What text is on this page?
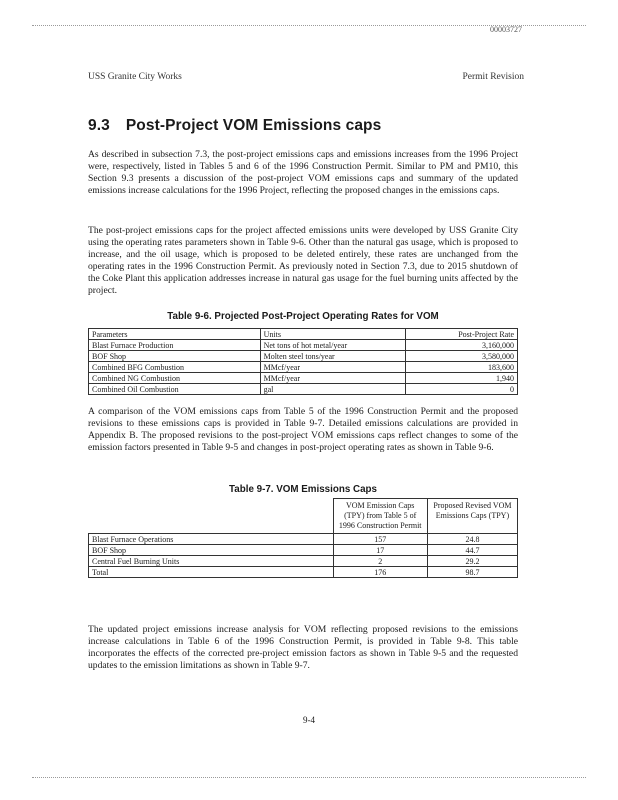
00003727
USS Granite City Works	Permit Revision
9.3 Post-Project VOM Emissions caps

As described in subsection 7.3, the post-project emissions caps and emissions increases from the 1996 Project were, respectively, listed in Tables 5 and 6 of the 1996 Construction Permit. Similar to PM and PM10, this Section 9.3 presents a discussion of the post-project VOM emissions caps and summary of the updated emissions increase calculations for the 1996 Project, reflecting the proposed changes in the emissions caps.

The post-project emissions caps for the project affected emissions units were developed by USS Granite City using the operating rates parameters shown in Table 9-6. Other than the natural gas usage, which is proposed to increase, and the oil usage, which is proposed to be deleted entirely, these rates are unchanged from the operating rates in the 1996 Construction Permit. As previously noted in Section 7.3, due to 2015 shutdown of the Coke Plant this application addresses increase in natural gas usage for the fuel burning units affected by the project.

Table 9-6. Projected Post-Project Operating Rates for VOM
Parameters	Units	Post-Project Rate
Blast Furnace Production	Net tons of hot metal/year	3,160,000
BOF Shop	Molten steel tons/year	3,580,000
Combined BFG Combustion	MMcf/year	183,600
Combined NG Combustion	MMcf/year	1,940
Combined Oil Combustion	gal	0

A comparison of the VOM emissions caps from Table 5 of the 1996 Construction Permit and the proposed revisions to these emissions caps is provided in Table 9-7. Detailed emissions calculations are provided in Appendix B. The proposed revisions to the post-project VOM emissions caps reflect changes to some of the emission factors presented in Table 9-5 and changes in post-project operating rates as shown in Table 9-6.

Table 9-7. VOM Emissions Caps
	VOM Emission Caps (TPY) from Table 5 of 1996 Construction Permit	Proposed Revised VOM Emissions Caps (TPY)
Blast Furnace Operations	157	24.8
BOF Shop	17	44.7
Central Fuel Burning Units	2	29.2
Total	176	98.7

The updated project emissions increase analysis for VOM reflecting proposed revisions to the emissions increase calculations in Table 6 of the 1996 Construction Permit, is provided in Table 9-8. This table incorporates the effects of the corrected pre-project emission factors as shown in Table 9-5 and the requested updates to the emission limitations as shown in Table 9-7.

9-4
